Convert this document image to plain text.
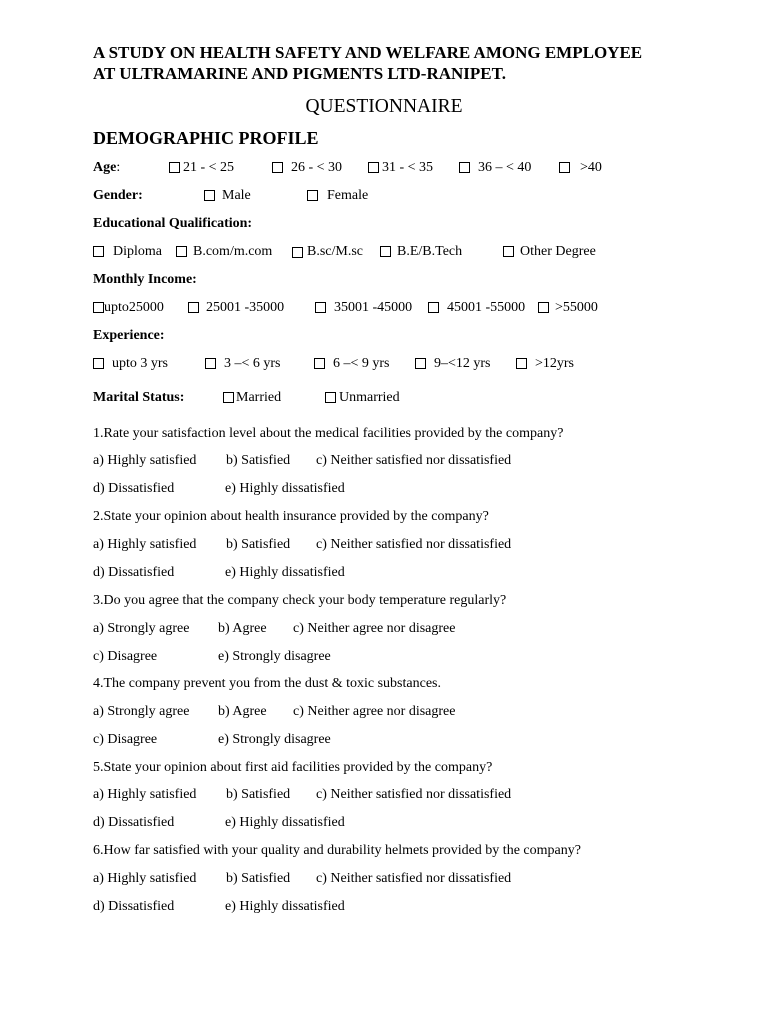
A STUDY ON HEALTH SAFETY AND WELFARE AMONG EMPLOYEE
AT ULTRAMARINE AND PIGMENTS LTD-RANIPET.
QUESTIONNAIRE
DEMOGRAPHIC PROFILE
Age:	21 - < 25	26 - < 30	31 - < 35	36 – < 40	>40
Gender:	Male	Female
Educational Qualification:
Diploma B.com/m.com B.sc/M.sc B.E/B.Tech	Other Degree
Monthly Income:
upto25000	25001 -35000	35001 -45000 45001 -55000 >55000
Experience:
upto 3 yrs	3 –< 6 yrs	6 –< 9 yrs	9–<12 yrs	>12yrs
Marital Status:	Married	Unmarried
1.Rate your satisfaction level about the medical facilities provided by the company?
a) Highly satisfied b) Satisfied c) Neither satisfied nor dissatisfied
d) Dissatisfied	e) Highly dissatisfied
2.State your opinion about health insurance provided by the company?
a) Highly satisfied b) Satisfied c) Neither satisfied nor dissatisfied
d) Dissatisfied	e) Highly dissatisfied
3.Do you agree that the company check your body temperature regularly?
a) Strongly agree b) Agree c) Neither agree nor disagree
c) Disagree	e) Strongly disagree
4.The company prevent you from the dust & toxic substances.
a) Strongly agree b) Agree c) Neither agree nor disagree
c) Disagree	e) Strongly disagree
5.State your opinion about first aid facilities provided by the company?
a) Highly satisfied b) Satisfied c) Neither satisfied nor dissatisfied
d) Dissatisfied	e) Highly dissatisfied
6.How far satisfied with your quality and durability helmets provided by the company?
a) Highly satisfied b) Satisfied c) Neither satisfied nor dissatisfied
d) Dissatisfied	e) Highly dissatisfied
